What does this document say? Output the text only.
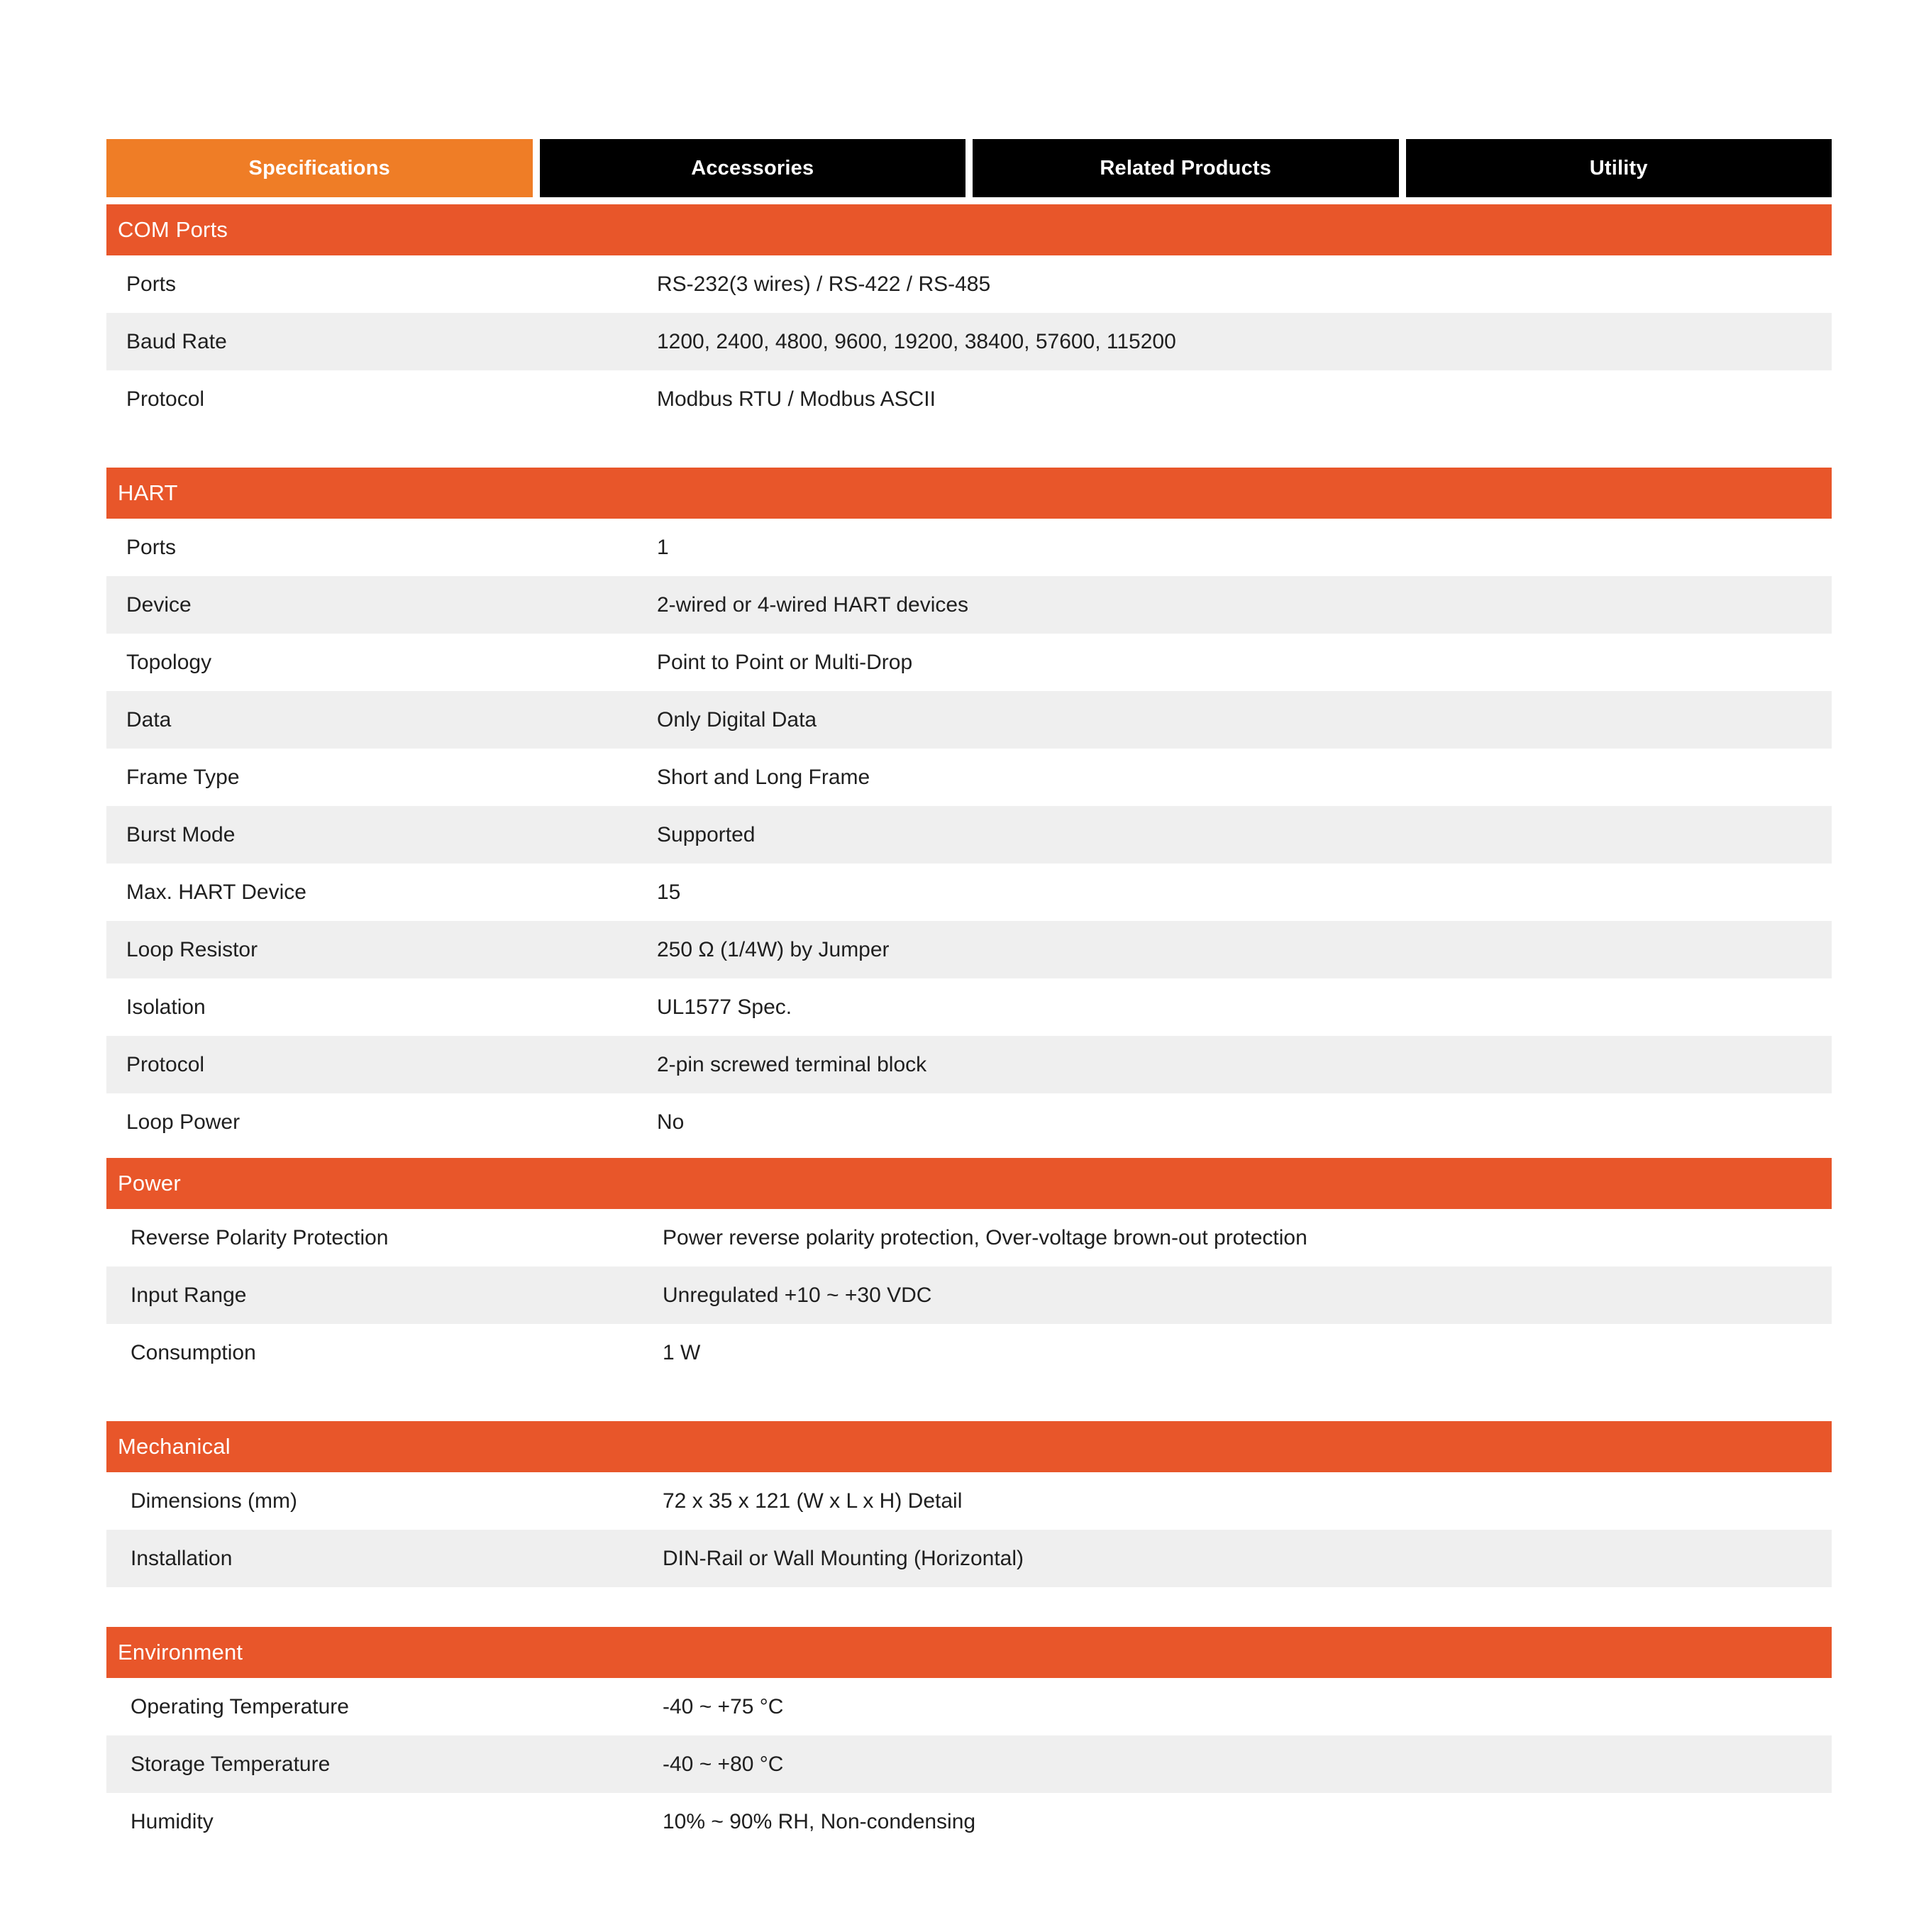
Specifications	Accessories	Related Products	Utility
COM Ports
Ports	RS-232(3 wires) / RS-422 / RS-485
Baud Rate	1200, 2400, 4800, 9600, 19200, 38400, 57600, 115200
Protocol	Modbus RTU / Modbus ASCII
HART
Ports	1
Device	2-wired or 4-wired HART devices
Topology	Point to Point or Multi-Drop
Data	Only Digital Data
Frame Type	Short and Long Frame
Burst Mode	Supported
Max. HART Device	15
Loop Resistor	250 Ω (1/4W) by Jumper
Isolation	UL1577 Spec.
Protocol	2-pin screwed terminal block
Loop Power	No
Power
Reverse Polarity Protection	Power reverse polarity protection, Over-voltage brown-out protection
Input Range	Unregulated +10 ~ +30 VDC
Consumption	1 W
Mechanical
Dimensions (mm)	72 x 35 x 121 (W x L x H) Detail
Installation	DIN-Rail or Wall Mounting (Horizontal)
Environment
Operating Temperature	-40 ~ +75 °C
Storage Temperature	-40 ~ +80 °C
Humidity	10% ~ 90% RH, Non-condensing
